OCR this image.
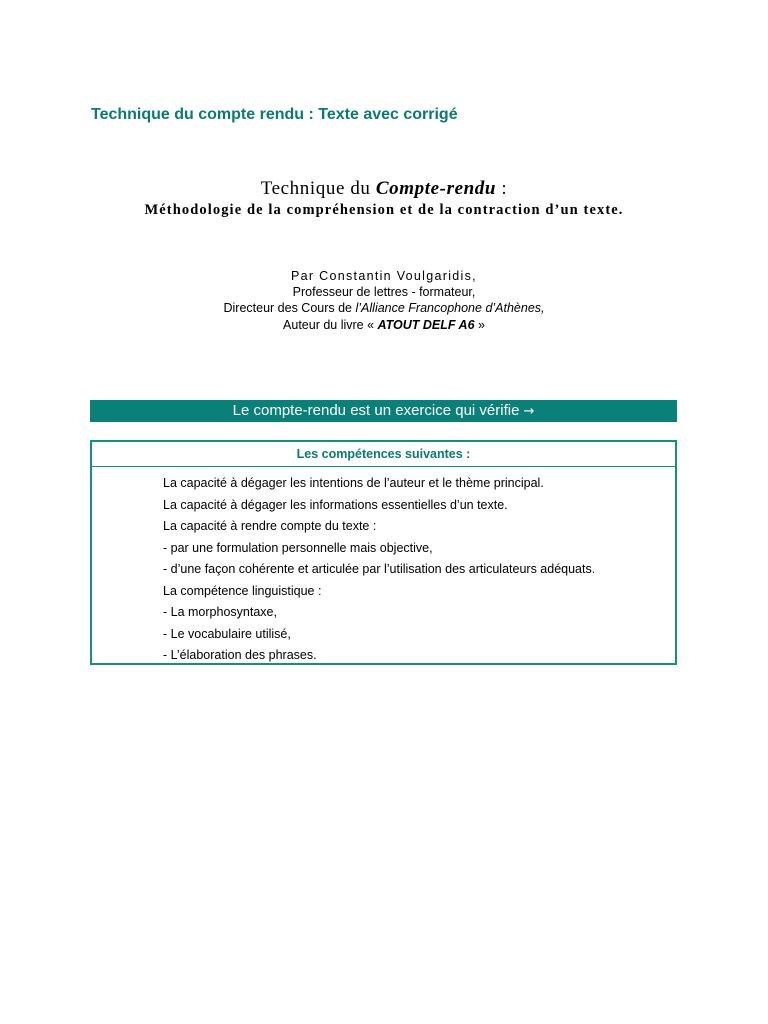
Technique du compte rendu : Texte avec corrigé
Technique du Compte-rendu :
Méthodologie de la compréhension et de la contraction d’un texte.
Par Constantin Voulgaridis,
Professeur de lettres - formateur,
Directeur des Cours de l’Alliance Francophone d’Athènes,
Auteur du livre « ATOUT DELF A6 »
Le compte-rendu est un exercice qui vérifie →
Les compétences suivantes :
La capacité à dégager les intentions de l’auteur et le thème principal.
La capacité à dégager les informations essentielles d’un texte.
La capacité à rendre compte du texte :
- par une formulation personnelle mais objective,
- d’une façon cohérente et articulée par l’utilisation des articulateurs adéquats.
La compétence linguistique :
- La morphosyntaxe,
- Le vocabulaire utilisé,
- L’élaboration des phrases.
